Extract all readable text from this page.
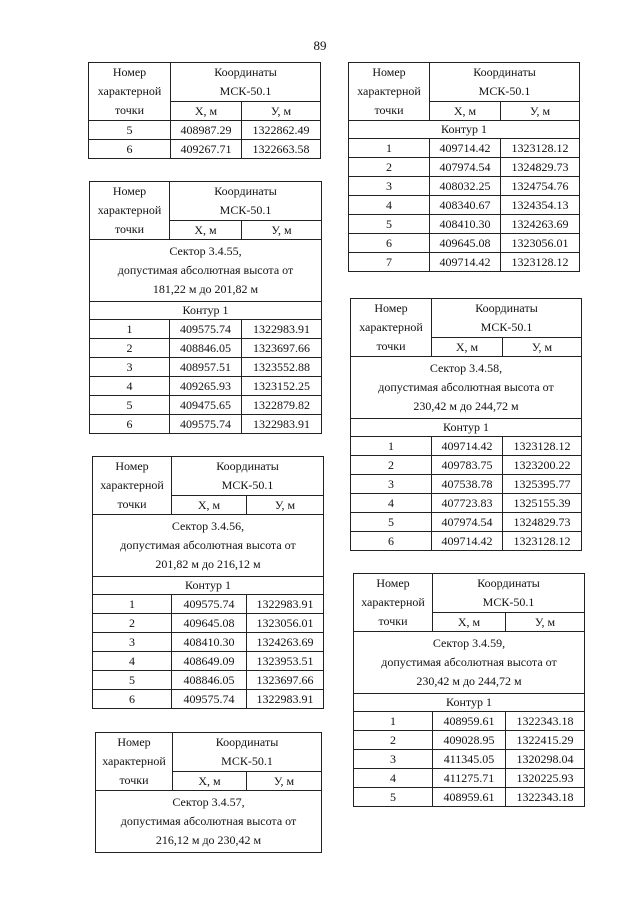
89
Номер
характерной
точки	Координаты
МСК-50.1	
	Х, м	У, м
5	408987.29	1322862.49
6	409267.71	1322663.58
Номер
характерной
точки	Координаты
МСК-50.1	
	Х, м	У, м
Сектор 3.4.55,
допустимая абсолютная высота от
181,22 м до 201,82 м		
Контур 1		
1	409575.74	1322983.91
2	408846.05	1323697.66
3	408957.51	1323552.88
4	409265.93	1323152.25
5	409475.65	1322879.82
6	409575.74	1322983.91
Номер
характерной
точки	Координаты
МСК-50.1	
	Х, м	У, м
Сектор 3.4.56,
допустимая абсолютная высота от
201,82 м до 216,12 м		
Контур 1		
1	409575.74	1322983.91
2	409645.08	1323056.01
3	408410.30	1324263.69
4	408649.09	1323953.51
5	408846.05	1323697.66
6	409575.74	1322983.91
Номер
характерной
точки	Координаты
МСК-50.1	
	Х, м	У, м
Сектор 3.4.57,
допустимая абсолютная высота от
216,12 м до 230,42 м		
Номер
характерной
точки	Координаты
МСК-50.1	
	Х, м	У, м
Контур 1		
1	409714.42	1323128.12
2	407974.54	1324829.73
3	408032.25	1324754.76
4	408340.67	1324354.13
5	408410.30	1324263.69
6	409645.08	1323056.01
7	409714.42	1323128.12
Номер
характерной
точки	Координаты
МСК-50.1	
	Х, м	У, м
Сектор 3.4.58,
допустимая абсолютная высота от
230,42 м до 244,72 м		
Контур 1		
1	409714.42	1323128.12
2	409783.75	1323200.22
3	407538.78	1325395.77
4	407723.83	1325155.39
5	407974.54	1324829.73
6	409714.42	1323128.12
Номер
характерной
точки	Координаты
МСК-50.1	
	Х, м	У, м
Сектор 3.4.59,
допустимая абсолютная высота от
230,42 м до 244,72 м		
Контур 1		
1	408959.61	1322343.18
2	409028.95	1322415.29
3	411345.05	1320298.04
4	411275.71	1320225.93
5	408959.61	1322343.18
